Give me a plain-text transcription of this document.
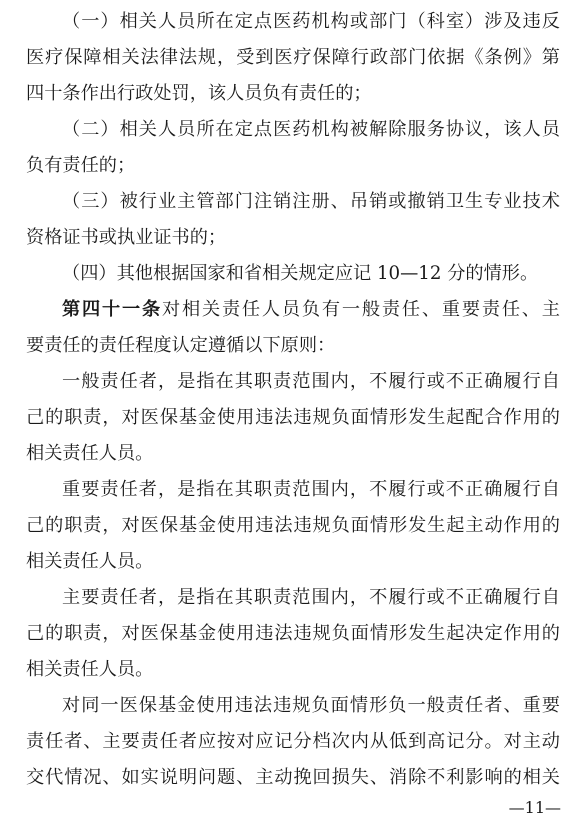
（一）相关人员所在定点医药机构或部门（科室）涉及违反
医疗保障相关法律法规，受到医疗保障行政部门依据《条例》第
四十条作出行政处罚，该人员负有责任的；
（二）相关人员所在定点医药机构被解除服务协议，该人员
负有责任的；
（三）被行业主管部门注销注册、吊销或撤销卫生专业技术
资格证书或执业证书的；
（四）其他根据国家和省相关规定应记 10—12 分的情形。
第四十一条对相关责任人员负有一般责任、重要责任、主
要责任的责任程度认定遵循以下原则：
一般责任者，是指在其职责范围内，不履行或不正确履行自
己的职责，对医保基金使用违法违规负面情形发生起配合作用的
相关责任人员。
重要责任者，是指在其职责范围内，不履行或不正确履行自
己的职责，对医保基金使用违法违规负面情形发生起主动作用的
相关责任人员。
主要责任者，是指在其职责范围内，不履行或不正确履行自
己的职责，对医保基金使用违法违规负面情形发生起决定作用的
相关责任人员。
对同一医保基金使用违法违规负面情形负一般责任者、重要
责任者、主要责任者应按对应记分档次内从低到高记分。对主动
交代情况、如实说明问题、主动挽回损失、消除不利影响的相关
—11—
